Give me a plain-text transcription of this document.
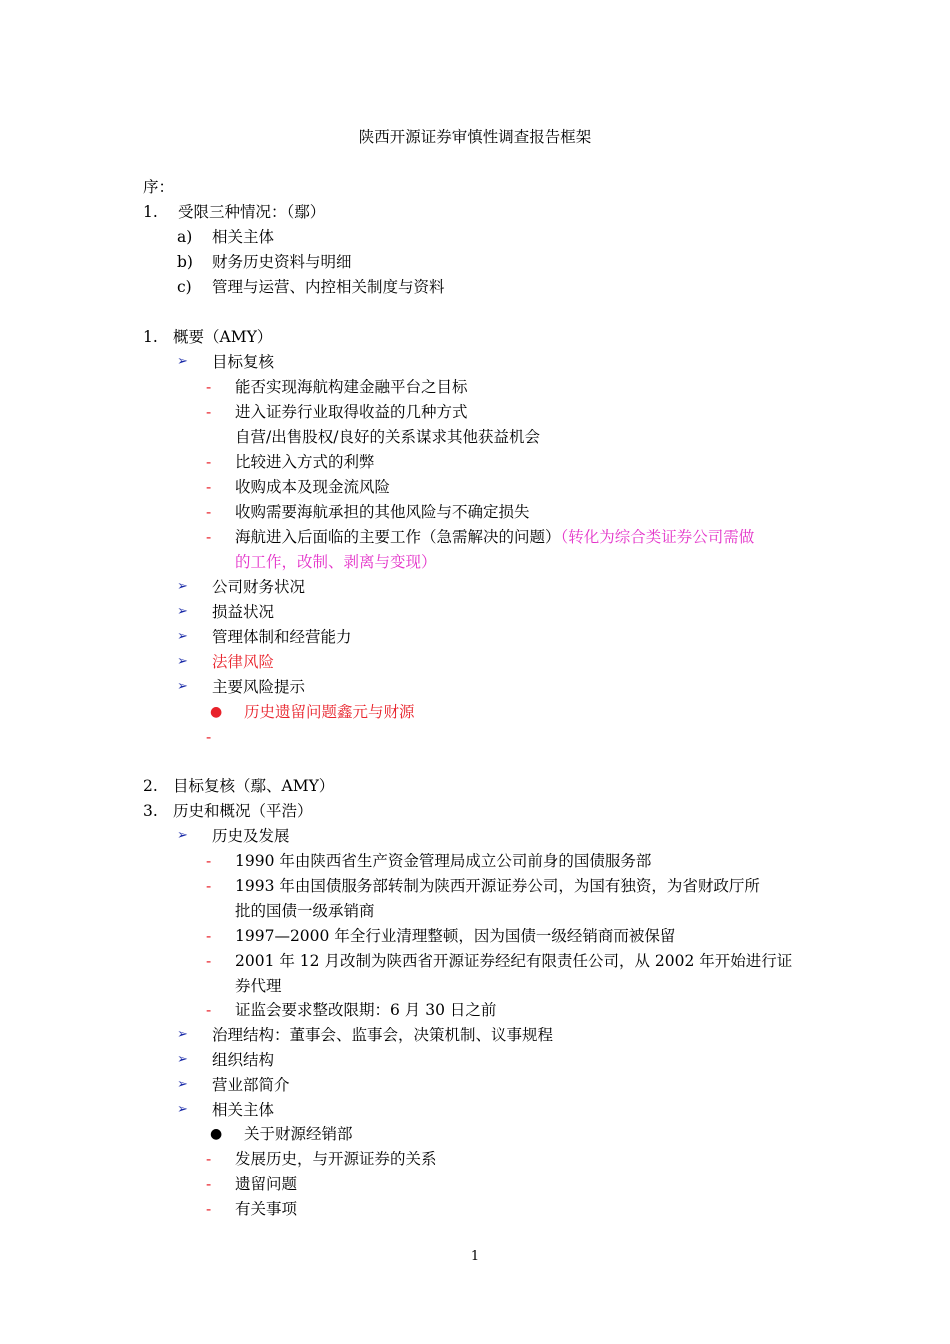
陕西开源证券审慎性调查报告框架
序：
1. 受限三种情况：（鄢）
a) 相关主体
b) 财务历史资料与明细
c) 管理与运营、内控相关制度与资料
1. 概要（AMY）
➢ 目标复核
- 能否实现海航构建金融平台之目标
- 进入证券行业取得收益的几种方式
自营/出售股权/良好的关系谋求其他获益机会
- 比较进入方式的利弊
- 收购成本及现金流风险
- 收购需要海航承担的其他风险与不确定损失
- 海航进入后面临的主要工作（急需解决的问题）（转化为综合类证券公司需做
的工作，改制、剥离与变现）
➢ 公司财务状况
➢ 损益状况
➢ 管理体制和经营能力
➢ 法律风险
➢ 主要风险提示
● 历史遗留问题鑫元与财源
-
2. 目标复核（鄢、AMY）
3. 历史和概况（平浩）
➢ 历史及发展
- 1990 年由陕西省生产资金管理局成立公司前身的国债服务部
- 1993 年由国债服务部转制为陕西开源证券公司，为国有独资，为省财政厅所
批的国债一级承销商
- 1997—2000 年全行业清理整顿，因为国债一级经销商而被保留
- 2001 年 12 月改制为陕西省开源证券经纪有限责任公司，从 2002 年开始进行证
券代理
- 证监会要求整改限期：6 月 30 日之前
➢ 治理结构：董事会、监事会，决策机制、议事规程
➢ 组织结构
➢ 营业部简介
➢ 相关主体
● 关于财源经销部
- 发展历史，与开源证券的关系
- 遗留问题
- 有关事项
1
